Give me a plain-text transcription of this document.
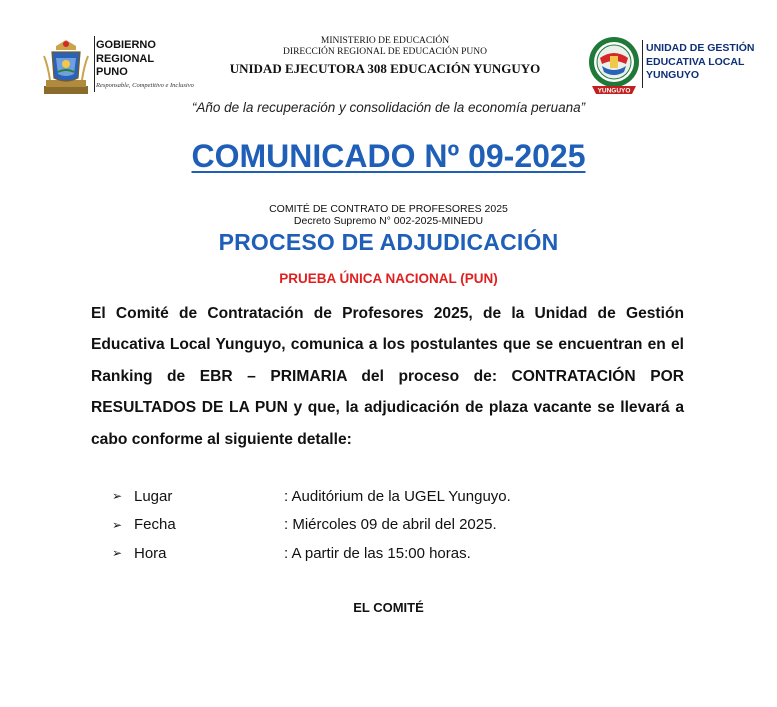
GOBIERNO
REGIONAL
PUNO
Responsable, Competitivo e Inclusivo
MINISTERIO DE EDUCACIÓN
DIRECCIÓN REGIONAL DE EDUCACIÓN PUNO
UNIDAD EJECUTORA 308 EDUCACIÓN YUNGUYO
YUNGUYO
UNIDAD DE GESTIÓN
EDUCATIVA LOCAL
YUNGUYO
“Año de la recuperación y consolidación de la economía peruana”
COMUNICADO Nº 09-2025
COMITÉ DE CONTRATO DE PROFESORES 2025
Decreto Supremo N° 002-2025-MINEDU
PROCESO DE ADJUDICACIÓN
PRUEBA ÚNICA NACIONAL (PUN)
El Comité de Contratación de Profesores 2025, de la Unidad de Gestión Educativa Local Yunguyo, comunica a los postulantes que se encuentran en el Ranking de EBR – PRIMARIA del proceso de: CONTRATACIÓN POR RESULTADOS DE LA PUN y que, la adjudicación de plaza vacante se llevará a cabo conforme al siguiente detalle:
➢ Lugar	: Auditórium de la UGEL Yunguyo.
➢ Fecha	: Miércoles 09 de abril del 2025.
➢ Hora	: A partir de las 15:00 horas.
EL COMITÉ
